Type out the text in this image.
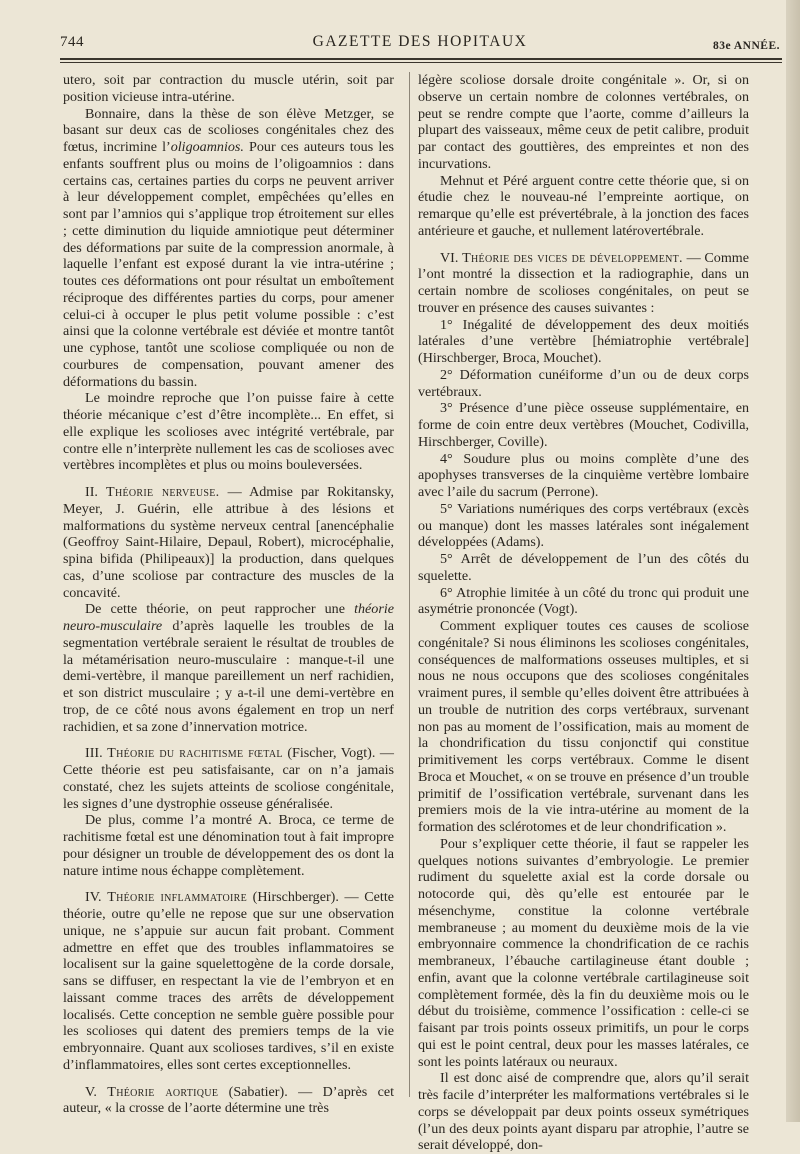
744	GAZETTE DES HOPITAUX	83e ANNÉE.

utero, soit par contraction du muscle utérin, soit par position vicieuse intra-utérine.

Bonnaire, dans la thèse de son élève Metzger, se basant sur deux cas de scolioses congénitales chez des fœtus, incrimine l’oligoamnios. Pour ces auteurs tous les enfants souffrent plus ou moins de l’oligoamnios : dans certains cas, certaines parties du corps ne peuvent arriver à leur développement complet, empêchées qu’elles en sont par l’amnios qui s’applique trop étroitement sur elles ; cette diminution du liquide amniotique peut déterminer des déformations par suite de la compression anormale, à laquelle l’enfant est exposé durant la vie intra-utérine ; toutes ces déformations ont pour résultat un emboîtement réciproque des différentes parties du corps, pour amener celui-ci à occuper le plus petit volume possible : c’est ainsi que la colonne vertébrale est déviée et montre tantôt une cyphose, tantôt une scoliose compliquée ou non de courbures de compensation, pouvant amener des déformations du bassin.

Le moindre reproche que l’on puisse faire à cette théorie mécanique c’est d’être incomplète... En effet, si elle explique les scolioses avec intégrité vertébrale, par contre elle n’interprète nullement les cas de scolioses avec vertèbres incomplètes et plus ou moins bouleversées.

II. Théorie nerveuse. — Admise par Rokitansky, Meyer, J. Guérin, elle attribue à des lésions et malformations du système nerveux central [anencéphalie (Geoffroy Saint-Hilaire, Depaul, Robert), microcéphalie, spina bifida (Philipeaux)] la production, dans quelques cas, d’une scoliose par contracture des muscles de la concavité.

De cette théorie, on peut rapprocher une théorie neuro-musculaire d’après laquelle les troubles de la segmentation vertébrale seraient le résultat de troubles de la métamérisation neuro-musculaire : manque-t-il une demi-vertèbre, il manque pareillement un nerf rachidien, et son district musculaire ; y a-t-il une demi-vertèbre en trop, de ce côté nous avons également en trop un nerf rachidien, et sa zone d’innervation motrice.

III. Théorie du rachitisme fœtal (Fischer, Vogt). — Cette théorie est peu satisfaisante, car on n’a jamais constaté, chez les sujets atteints de scoliose congénitale, les signes d’une dystrophie osseuse généralisée.

De plus, comme l’a montré A. Broca, ce terme de rachitisme fœtal est une dénomination tout à fait impropre pour désigner un trouble de développement des os dont la nature intime nous échappe complètement.

IV. Théorie inflammatoire (Hirschberger). — Cette théorie, outre qu’elle ne repose que sur une observation unique, ne s’appuie sur aucun fait probant. Comment admettre en effet que des troubles inflammatoires se localisent sur la gaine squelettogène de la corde dorsale, sans se diffuser, en respectant la vie de l’embryon et en laissant comme traces des arrêts de développement localisés. Cette conception ne semble guère possible pour les scolioses qui datent des premiers temps de la vie embryonnaire. Quant aux scolioses tardives, s’il en existe d’inflammatoires, elles sont certes exceptionnelles.

V. Théorie aortique (Sabatier). — D’après cet auteur, « la crosse de l’aorte détermine une très

légère scoliose dorsale droite congénitale ». Or, si on observe un certain nombre de colonnes vertébrales, on peut se rendre compte que l’aorte, comme d’ailleurs la plupart des vaisseaux, même ceux de petit calibre, produit par contact des gouttières, des empreintes et non des incurvations.

Mehnut et Péré arguent contre cette théorie que, si on étudie chez le nouveau-né l’empreinte aortique, on remarque qu’elle est prévertébrale, à la jonction des faces antérieure et gauche, et nullement latérovertébrale.

VI. Théorie des vices de développement. — Comme l’ont montré la dissection et la radiographie, dans un certain nombre de scolioses congénitales, on peut se trouver en présence des causes suivantes :

1° Inégalité de développement des deux moitiés latérales d’une vertèbre [hémiatrophie vertébrale] (Hirschberger, Broca, Mouchet).

2° Déformation cunéiforme d’un ou de deux corps vertébraux.

3° Présence d’une pièce osseuse supplémentaire, en forme de coin entre deux vertèbres (Mouchet, Codivilla, Hirschberger, Coville).

4° Soudure plus ou moins complète d’une des apophyses transverses de la cinquième vertèbre lombaire avec l’aile du sacrum (Perrone).

5° Variations numériques des corps vertébraux (excès ou manque) dont les masses latérales sont inégalement développées (Adams).

5° Arrêt de développement de l’un des côtés du squelette.

6° Atrophie limitée à un côté du tronc qui produit une asymétrie prononcée (Vogt).

Comment expliquer toutes ces causes de scoliose congénitale? Si nous éliminons les scolioses congénitales, conséquences de malformations osseuses multiples, et si nous ne nous occupons que des scolioses congénitales vraiment pures, il semble qu’elles doivent être attribuées à un trouble de nutrition des corps vertébraux, survenant non pas au moment de l’ossification, mais au moment de la chondrification du tissu conjonctif qui constitue primitivement les corps vertébraux. Comme le disent Broca et Mouchet, « on se trouve en présence d’un trouble primitif de l’ossification vertébrale, survenant dans les premiers mois de la vie intra-utérine au moment de la formation des sclérotomes et de leur chondrification ».

Pour s’expliquer cette théorie, il faut se rappeler les quelques notions suivantes d’embryologie. Le premier rudiment du squelette axial est la corde dorsale ou notocorde qui, dès qu’elle est entourée par le mésenchyme, constitue la colonne vertébrale membraneuse ; au moment du deuxième mois de la vie embryonnaire commence la chondrification de ce rachis membraneux, l’ébauche cartilagineuse étant double ; enfin, avant que la colonne vertébrale cartilagineuse soit complètement formée, dès la fin du deuxième mois ou le début du troisième, commence l’ossification : celle-ci se faisant par trois points osseux primitifs, un pour le corps qui est le point central, deux pour les masses latérales, ce sont les points latéraux ou neuraux.

Il est donc aisé de comprendre que, alors qu’il serait très facile d’interpréter les malformations vertébrales si le corps se développait par deux points osseux symétriques (l’un des deux points ayant disparu par atrophie, l’autre se serait développé, don-
